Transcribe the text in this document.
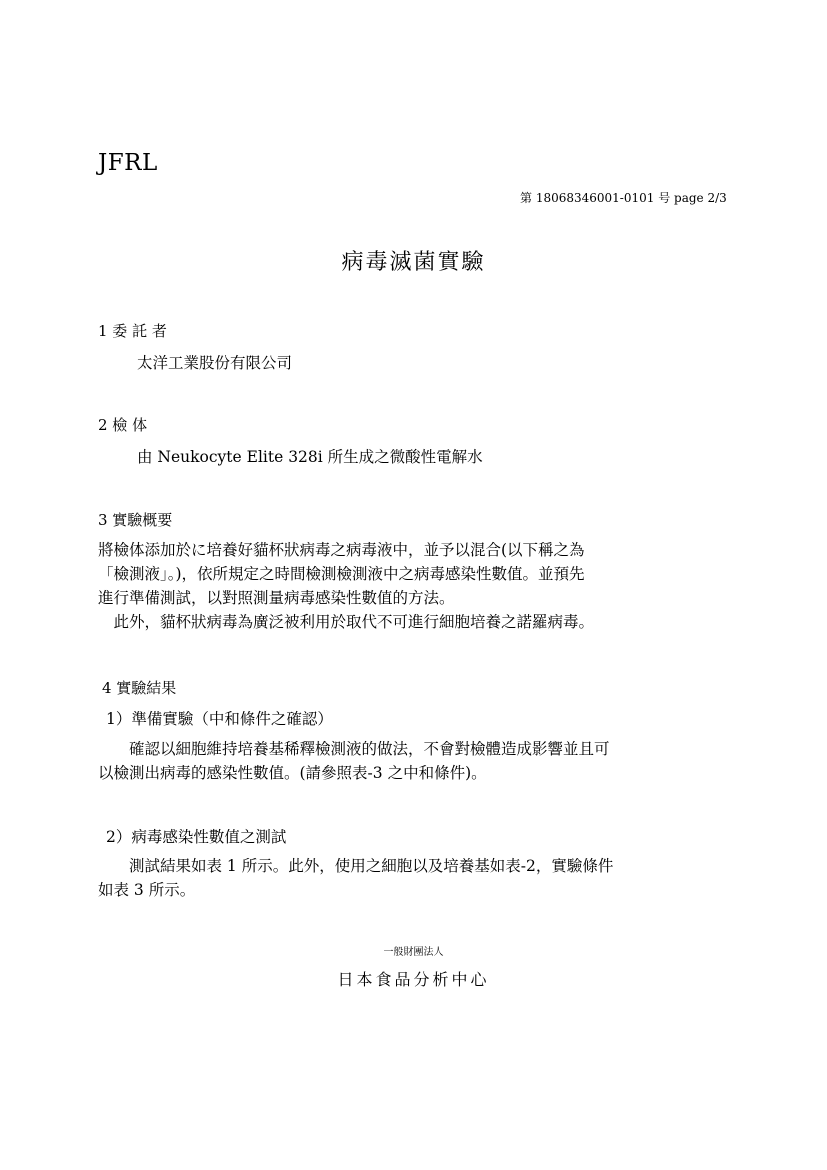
JFRL
第 18068346001-0101 号 page 2/3
病毒滅菌實驗
1 委 託 者
太洋工業股份有限公司
2 檢 体
由 Neukocyte Elite 328i 所生成之微酸性電解水
3 實驗概要
將檢体添加於に培養好貓杯狀病毒之病毒液中，並予以混合(以下稱之為
「檢測液」。)，依所規定之時間檢測檢測液中之病毒感染性數值。並預先
進行準備測試，以對照測量病毒感染性數值的方法。
　此外，貓杯狀病毒為廣泛被利用於取代不可進行細胞培養之諾羅病毒。
4 實驗結果
1）準備實驗（中和條件之確認）
　　確認以細胞維持培養基稀釋檢測液的做法，不會對檢體造成影響並且可
以檢測出病毒的感染性數值。(請參照表-3 之中和條件)。
2）病毒感染性數值之測試
　　測試結果如表 1 所示。此外，使用之細胞以及培養基如表-2，實驗條件
如表 3 所示。
一般財團法人
日本食品分析中心
